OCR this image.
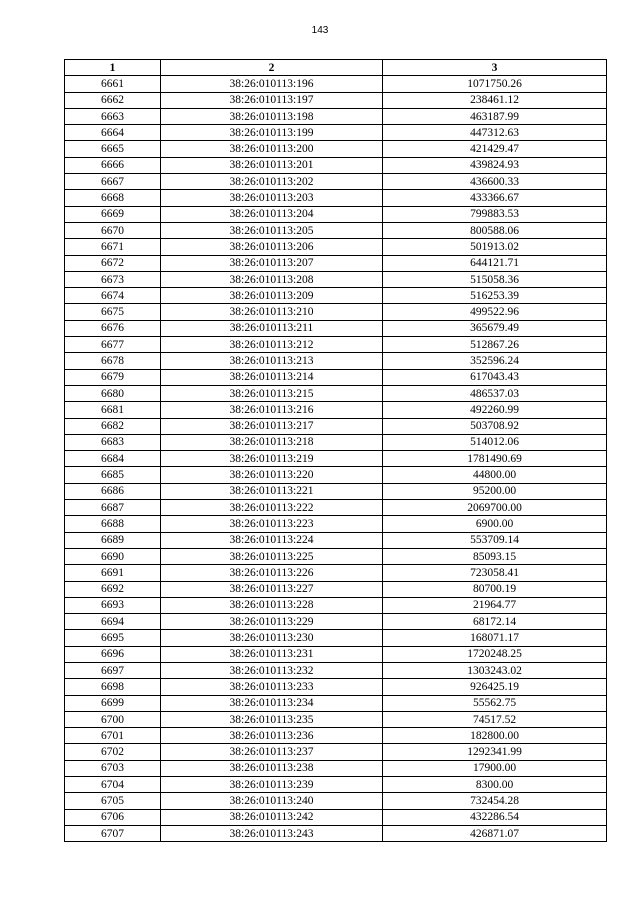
143
1	2	3
6661	38:26:010113:196	1071750.26
6662	38:26:010113:197	238461.12
6663	38:26:010113:198	463187.99
6664	38:26:010113:199	447312.63
6665	38:26:010113:200	421429.47
6666	38:26:010113:201	439824.93
6667	38:26:010113:202	436600.33
6668	38:26:010113:203	433366.67
6669	38:26:010113:204	799883.53
6670	38:26:010113:205	800588.06
6671	38:26:010113:206	501913.02
6672	38:26:010113:207	644121.71
6673	38:26:010113:208	515058.36
6674	38:26:010113:209	516253.39
6675	38:26:010113:210	499522.96
6676	38:26:010113:211	365679.49
6677	38:26:010113:212	512867.26
6678	38:26:010113:213	352596.24
6679	38:26:010113:214	617043.43
6680	38:26:010113:215	486537.03
6681	38:26:010113:216	492260.99
6682	38:26:010113:217	503708.92
6683	38:26:010113:218	514012.06
6684	38:26:010113:219	1781490.69
6685	38:26:010113:220	44800.00
6686	38:26:010113:221	95200.00
6687	38:26:010113:222	2069700.00
6688	38:26:010113:223	6900.00
6689	38:26:010113:224	553709.14
6690	38:26:010113:225	85093.15
6691	38:26:010113:226	723058.41
6692	38:26:010113:227	80700.19
6693	38:26:010113:228	21964.77
6694	38:26:010113:229	68172.14
6695	38:26:010113:230	168071.17
6696	38:26:010113:231	1720248.25
6697	38:26:010113:232	1303243.02
6698	38:26:010113:233	926425.19
6699	38:26:010113:234	55562.75
6700	38:26:010113:235	74517.52
6701	38:26:010113:236	182800.00
6702	38:26:010113:237	1292341.99
6703	38:26:010113:238	17900.00
6704	38:26:010113:239	8300.00
6705	38:26:010113:240	732454.28
6706	38:26:010113:242	432286.54
6707	38:26:010113:243	426871.07
